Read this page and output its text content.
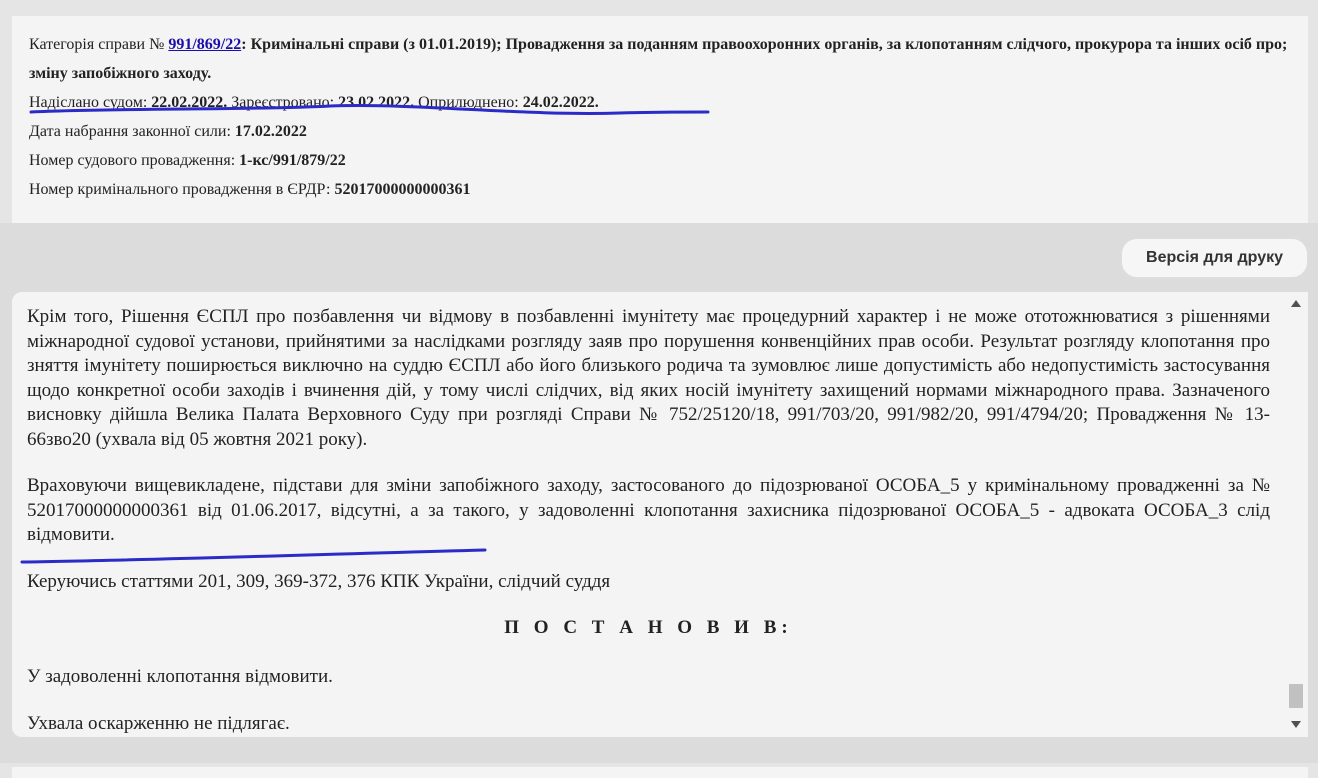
Категорія справи № 991/869/22: Кримінальні справи (з 01.01.2019); Провадження за поданням правоохоронних органів, за клопотанням слідчого, прокурора та інших осіб про; зміну запобіжного заходу.
Надіслано судом: 22.02.2022. Зареєстровано: 23.02.2022. Оприлюднено: 24.02.2022.
Дата набрання законної сили: 17.02.2022
Номер судового провадження: 1-кс/991/879/22
Номер кримінального провадження в ЄРДР: 52017000000000361
Версія для друку

Крім того, Рішення ЄСПЛ про позбавлення чи відмову в позбавленні імунітету має процедурний характер і не може ототожнюватися з рішеннями міжнародної судової установи, прийнятими за наслідками розгляду заяв про порушення конвенційних прав особи. Результат розгляду клопотання про зняття імунітету поширюється виключно на суддю ЄСПЛ або його близького родича та зумовлює лише допустимість або недопустимість застосування щодо конкретної особи заходів і вчинення дій, у тому числі слідчих, від яких носій імунітету захищений нормами міжнародного права. Зазначеного висновку дійшла Велика Палата Верховного Суду при розгляді Справи № 752/25120/18, 991/703/20, 991/982/20, 991/4794/20; Провадження № 13-66зво20 (ухвала від 05 жовтня 2021 року).

Враховуючи вищевикладене, підстави для зміни запобіжного заходу, застосованого до підозрюваної ОСОБА_5 у кримінальному провадженні за № 52017000000000361 від 01.06.2017, відсутні, а за такого, у задоволенні клопотання захисника підозрюваної ОСОБА_5 - адвоката ОСОБА_3 слід відмовити.

Керуючись статтями 201, 309, 369-372, 376 КПК України, слідчий суддя

П О С Т А Н О В И В:

У задоволенні клопотання відмовити.

Ухвала оскарженню не підлягає.
